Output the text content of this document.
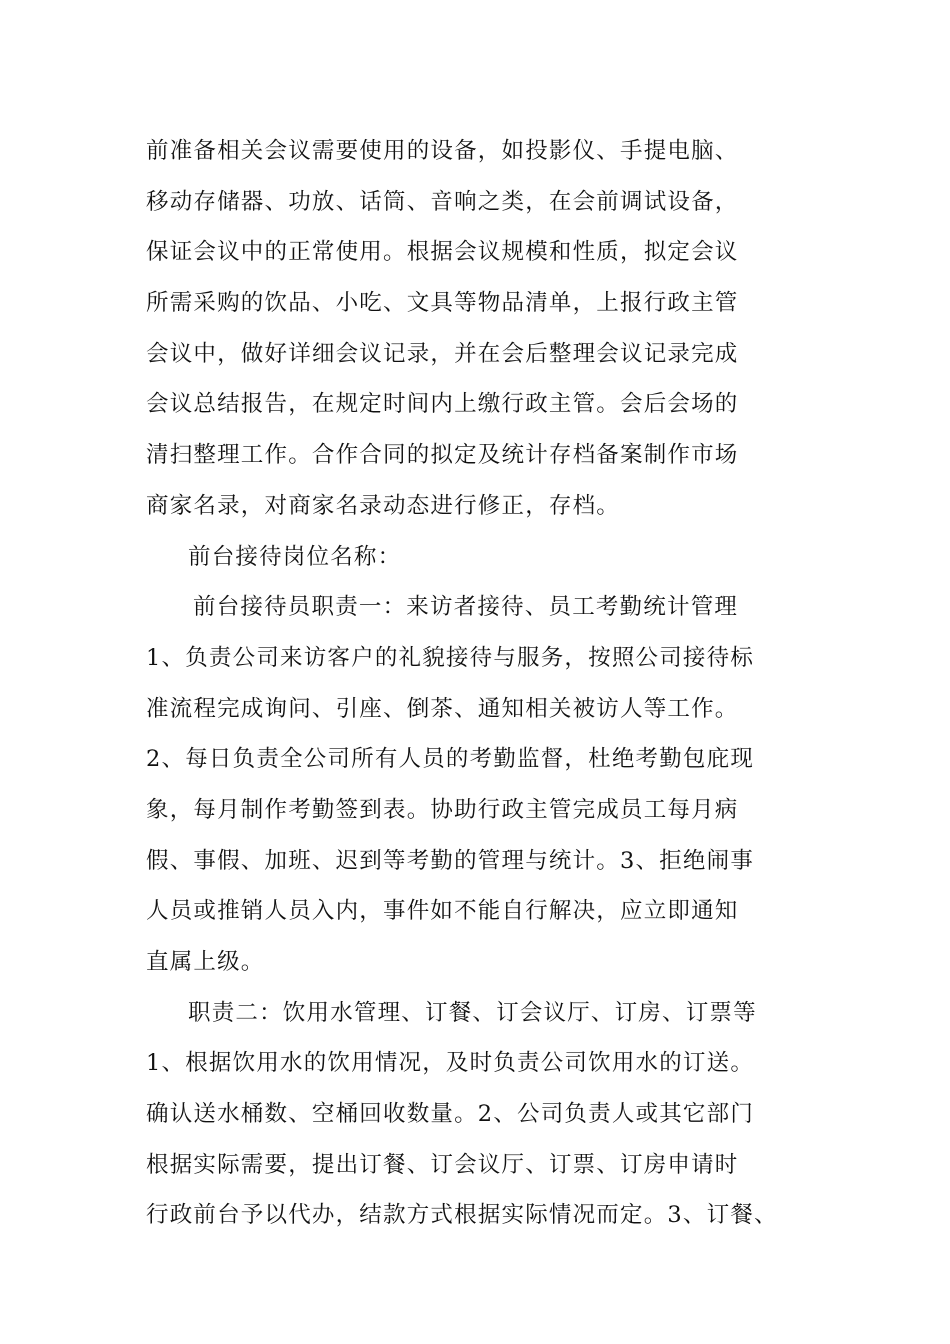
前准备相关会议需要使用的设备，如投影仪、手提电脑、
移动存储器、功放、话筒、音响之类，在会前调试设备，
保证会议中的正常使用。根据会议规模和性质，拟定会议
所需采购的饮品、小吃、文具等物品清单，上报行政主管
会议中，做好详细会议记录，并在会后整理会议记录完成
会议总结报告，在规定时间内上缴行政主管。会后会场的
清扫整理工作。合作合同的拟定及统计存档备案制作市场
商家名录，对商家名录动态进行修正，存档。
前台接待岗位名称：
前台接待员职责一：来访者接待、员工考勤统计管理
1、负责公司来访客户的礼貌接待与服务，按照公司接待标
准流程完成询问、引座、倒茶、通知相关被访人等工作。
2、每日负责全公司所有人员的考勤监督，杜绝考勤包庇现
象，每月制作考勤签到表。协助行政主管完成员工每月病
假、事假、加班、迟到等考勤的管理与统计。3、拒绝闹事
人员或推销人员入内，事件如不能自行解决，应立即通知
直属上级。
职责二：饮用水管理、订餐、订会议厅、订房、订票等
1、根据饮用水的饮用情况，及时负责公司饮用水的订送。
确认送水桶数、空桶回收数量。2、公司负责人或其它部门
根据实际需要，提出订餐、订会议厅、订票、订房申请时
行政前台予以代办，结款方式根据实际情况而定。3、订餐、
